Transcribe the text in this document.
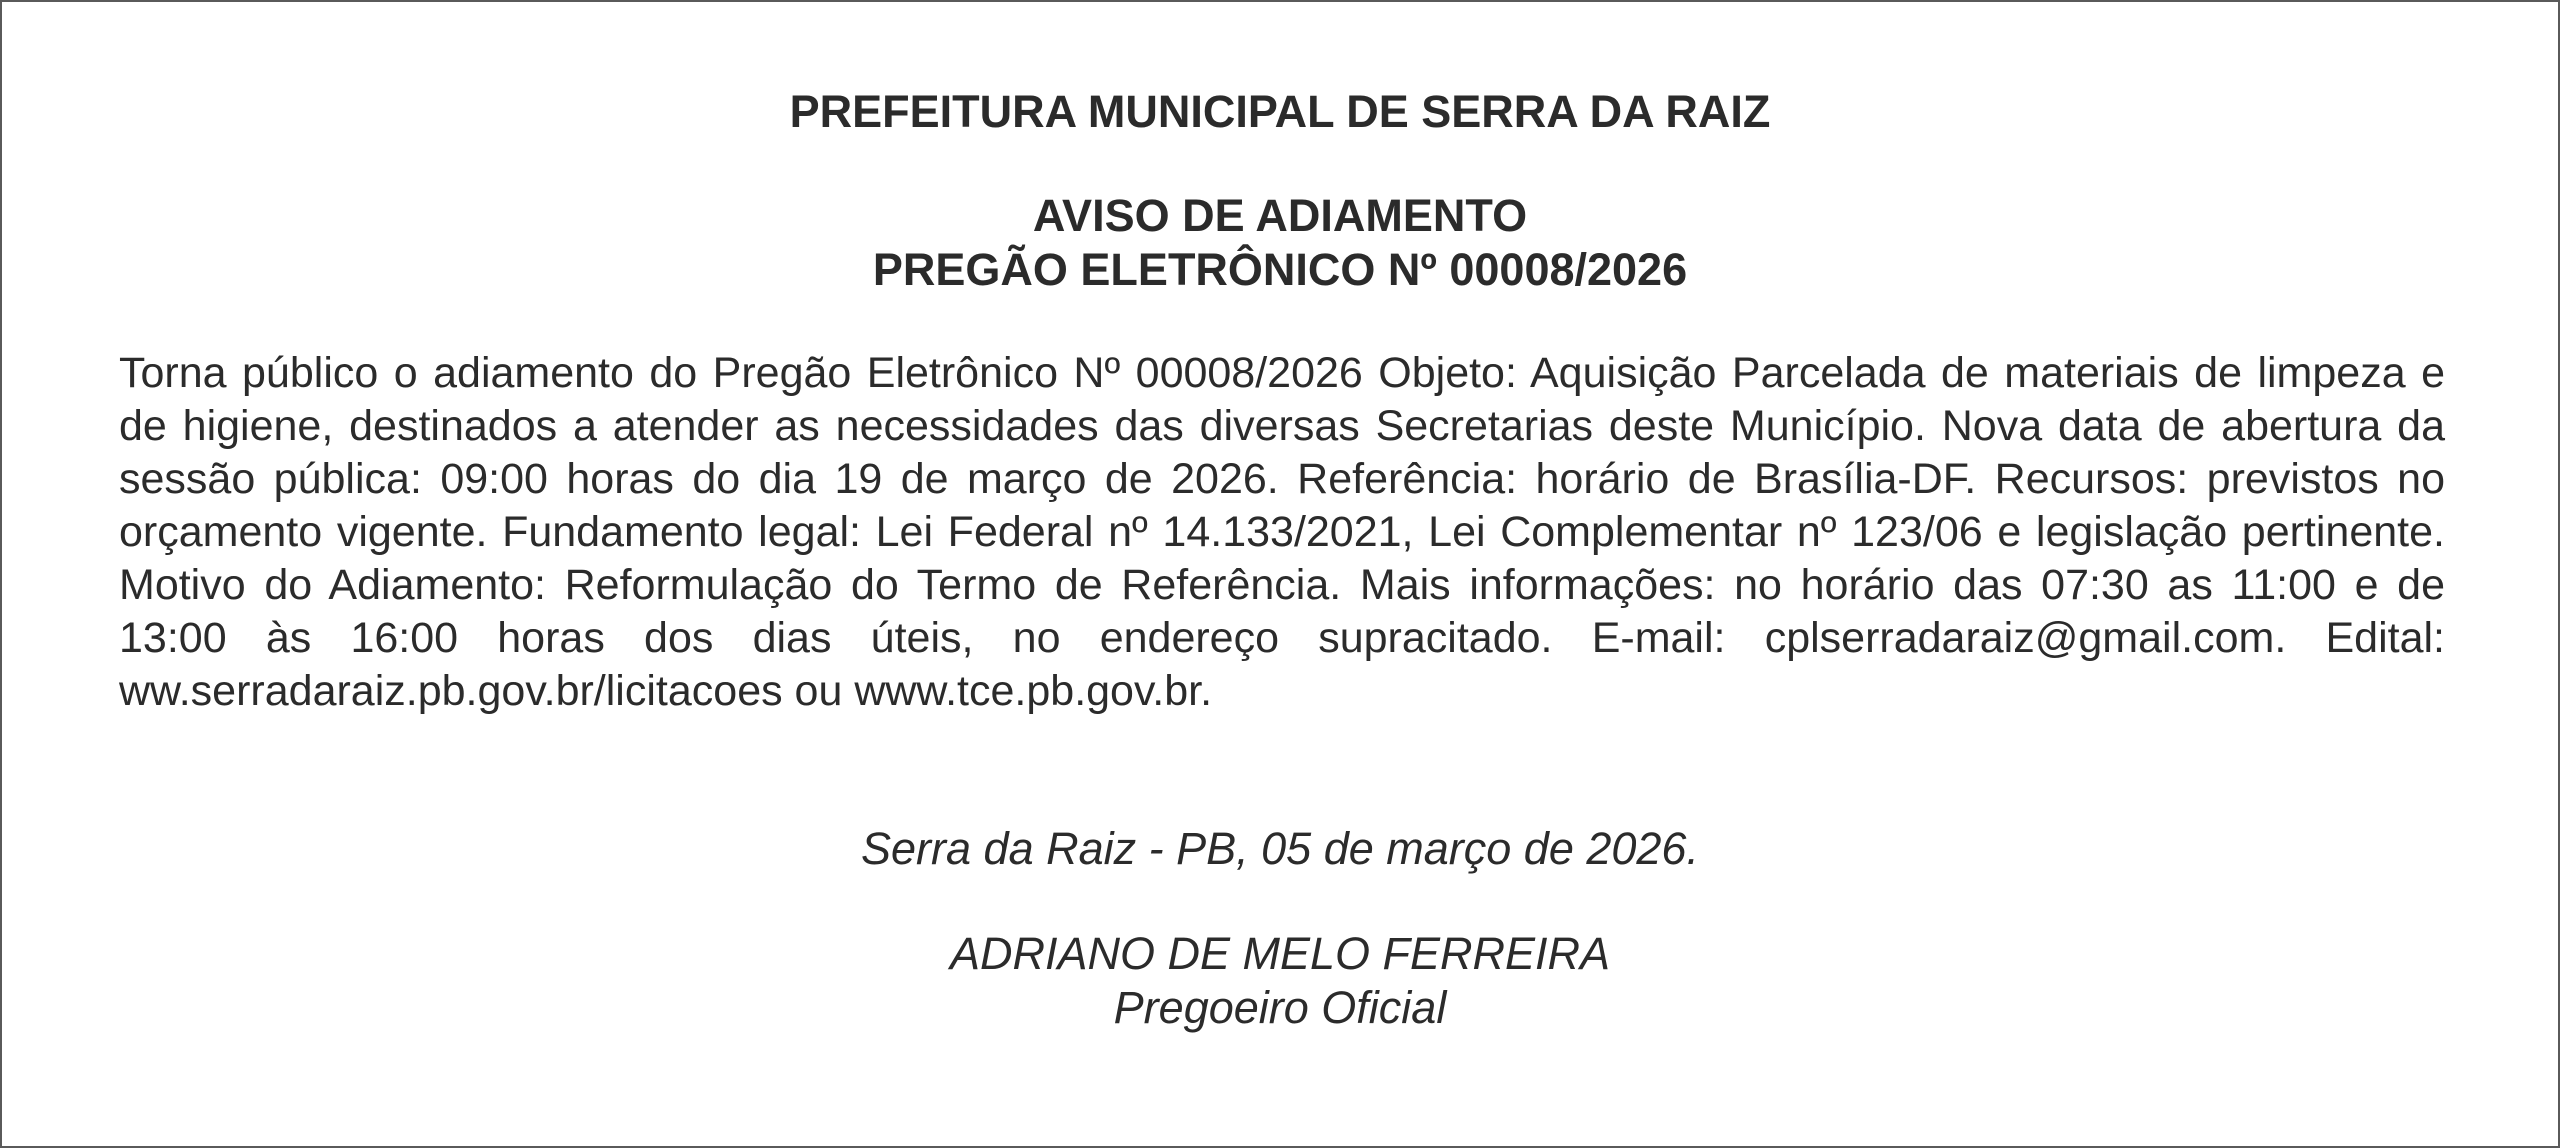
PREFEITURA MUNICIPAL DE SERRA DA RAIZ
AVISO DE ADIAMENTO
PREGÃO ELETRÔNICO Nº 00008/2026

Torna público o adiamento do Pregão Eletrônico Nº 00008/2026 Objeto: Aquisição Parcelada de materiais de limpeza e de higiene, destinados a atender as necessidades das diversas Secretarias deste Município. Nova data de abertura da sessão pública: 09:00 horas do dia 19 de março de 2026. Referência: horário de Brasília-DF. Recursos: previstos no orçamento vigente. Fundamento legal: Lei Federal nº 14.133/2021, Lei Complementar nº 123/06 e legislação pertinente. Motivo do Adiamento: Reformulação do Termo de Referência. Mais informações: no horário das 07:30 as 11:00 e de 13:00 às 16:00 horas dos dias úteis, no endereço supracitado. E-mail: cplserradaraiz@gmail.com. Edital: ww.serradaraiz.pb.gov.br/licitacoes ou www.tce.pb.gov.br.

Serra da Raiz - PB, 05 de março de 2026.

ADRIANO DE MELO FERREIRA
Pregoeiro Oficial
